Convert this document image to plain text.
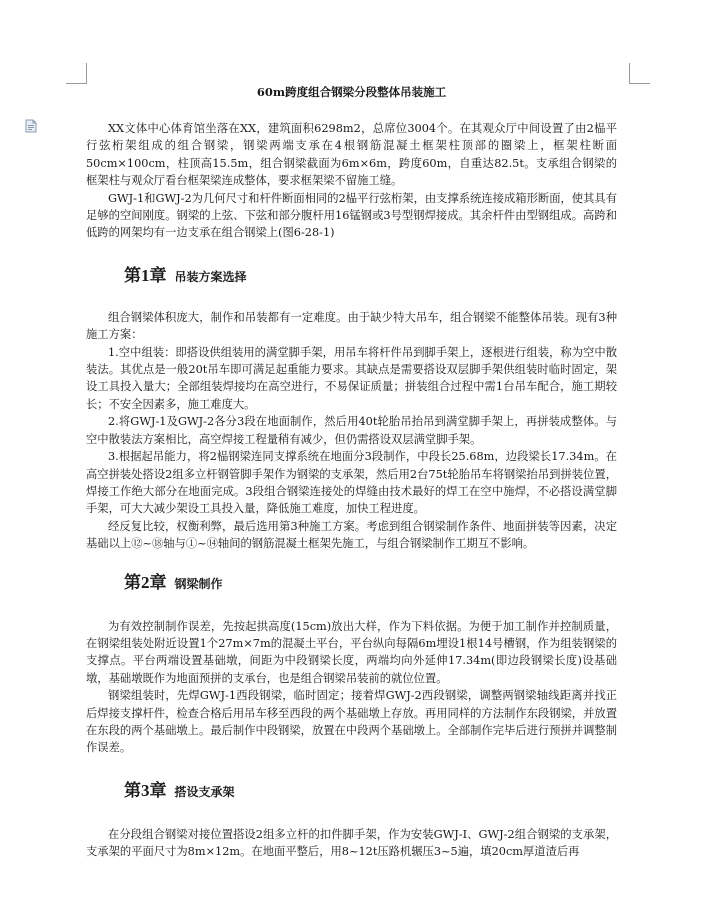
60m跨度组合钢梁分段整体吊装施工

XX文体中心体育馆坐落在XX，建筑面积6298m2，总席位3004个。在其观众厅中间设置了由2榀平行弦桁架组成的组合钢梁，钢梁两端支承在4根钢筋混凝土框架柱顶部的圈梁上，框架柱断面50cm×100cm，柱顶高15.5m，组合钢梁截面为6m×6m，跨度60m，自重达82.5t。支承组合钢梁的框架柱与观众厅看台框架梁连成整体，要求框架梁不留施工缝。

GWJ-1和GWJ-2为几何尺寸和杆件断面相同的2榀平行弦桁架，由支撑系统连接成箱形断面，使其具有足够的空间刚度。钢梁的上弦、下弦和部分腹杆用16锰钢或3号型钢焊接成。其余杆件由型钢组成。高跨和低跨的网架均有一边支承在组合钢梁上(图6-28-1)

第1章 吊装方案选择

组合钢梁体积庞大，制作和吊装都有一定难度。由于缺少特大吊车，组合钢梁不能整体吊装。现有3种施工方案：

1.空中组装：即搭设供组装用的满堂脚手架，用吊车将杆件吊到脚手架上，逐根进行组装，称为空中散装法。其优点是一般20t吊车即可满足起重能力要求。其缺点是需要搭设双层脚手架供组装时临时固定，架设工具投入量大；全部组装焊接均在高空进行，不易保证质量；拼装组合过程中需1台吊车配合，施工期较长；不安全因素多，施工难度大。

2.将GWJ-1及GWJ-2各分3段在地面制作，然后用40t轮胎吊抬吊到满堂脚手架上，再拼装成整体。与空中散装法方案相比，高空焊接工程量稍有减少，但仍需搭设双层满堂脚手架。

3.根据起吊能力，将2榀钢梁连同支撑系统在地面分3段制作，中段长25.68m，边段梁长17.34m。在高空拼装处搭设2组多立杆钢管脚手架作为钢梁的支承架，然后用2台75t轮胎吊车将钢梁抬吊到拼装位置，焊接工作绝大部分在地面完成。3段组合钢梁连接处的焊缝由技术最好的焊工在空中施焊，不必搭设满堂脚手架，可大大减少架设工具投入量，降低施工难度，加快工程进度。

经反复比较，权衡利弊，最后选用第3种施工方案。考虑到组合钢梁制作条件、地面拼装等因素，决定基础以上⑫~⑱轴与①~⑭轴间的钢筋混凝土框架先施工，与组合钢梁制作工期互不影响。

第2章 钢梁制作

为有效控制制作误差，先按起拱高度(15cm)放出大样，作为下料依据。为便于加工制作并控制质量，在钢梁组装处附近设置1个27m×7m的混凝土平台，平台纵向每隔6m埋设1根14号槽钢，作为组装钢梁的支撑点。平台两端设置基础墩，间距为中段钢梁长度，两端均向外延伸17.34m(即边段钢梁长度)设基础墩，基础墩既作为地面预拼的支承台，也是组合钢梁吊装前的就位位置。

钢梁组装时，先焊GWJ-1西段钢梁，临时固定；接着焊GWJ-2西段钢梁，调整两钢梁轴线距离并找正后焊接支撑杆件，检查合格后用吊车移至西段的两个基础墩上存放。再用同样的方法制作东段钢梁，并放置在东段的两个基础墩上。最后制作中段钢梁，放置在中段两个基础墩上。全部制作完毕后进行预拼并调整制作误差。

第3章 搭设支承架

在分段组合钢梁对接位置搭设2组多立杆的扣件脚手架，作为安装GWJ-I、GWJ-2组合钢梁的支承架，支承架的平面尺寸为8m×12m。在地面平整后，用8~12t压路机辗压3~5遍，填20cm厚道渣后再
